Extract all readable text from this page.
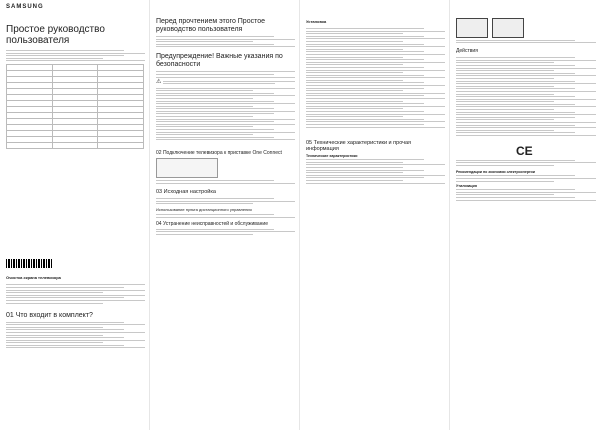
SAMSUNG
Простое руководство пользователя

Очистка экрана телевизора
01 Что входит в комплект?
Перед прочтением этого Простое руководство пользователя
Предупреждение! Важные указания по безопасности
⚠
02 Подключение телевизора к приставке One Connect
03 Исходная настройка
Использование пульта дистанционного управления
04 Устранение неисправностей и обслуживание
Установка
05 Технические характеристики и прочая информация
Технические характеристики
Действия
CE
Рекомендации по экономии электроэнергии
Утилизация
